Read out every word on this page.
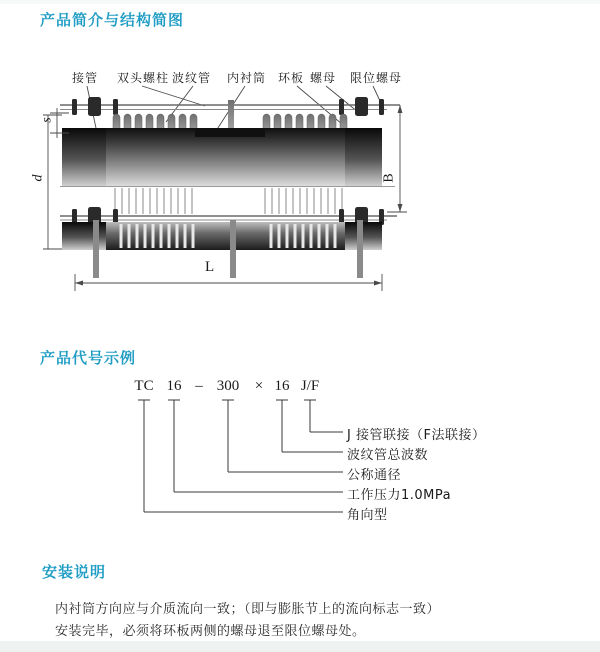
产品简介与结构简图
接管 双头螺柱 波纹管 内衬筒 环板 螺母 限位螺母
s
d	B
L
产品代号示例
TC 16 – 300 × 16 J/F
J 接管联接（F法联接）
波纹管总波数
公称通径
工作压力1.0MPa
角向型
安装说明

内衬筒方向应与介质流向一致；（即与膨胀节上的流向标志一致）

安装完毕，必须将环板两侧的螺母退至限位螺母处。
